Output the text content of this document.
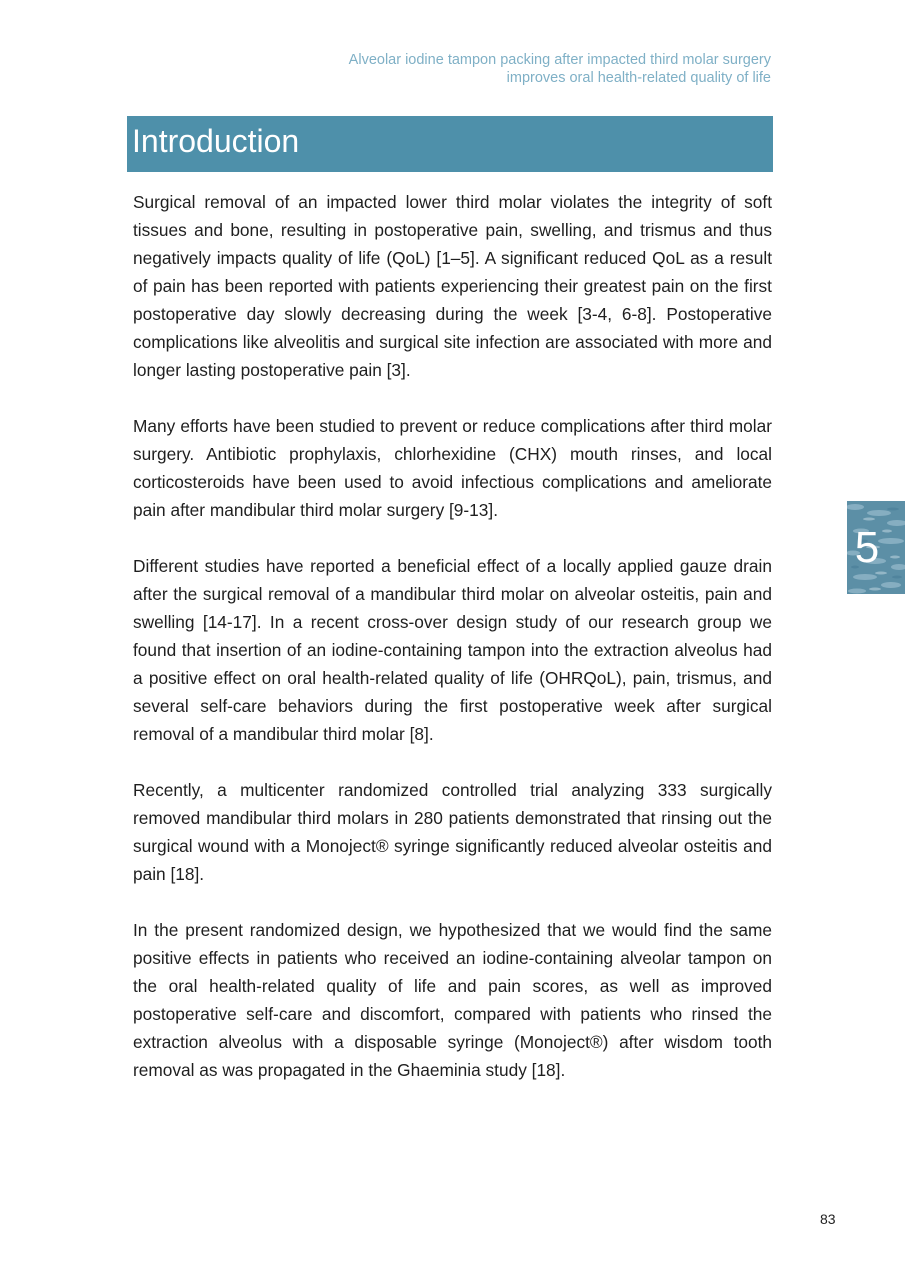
Alveolar iodine tampon packing after impacted third molar surgery
improves oral health-related quality of life
Introduction
5

Surgical removal of an impacted lower third molar violates the integrity of soft tissues and bone, resulting in postoperative pain, swelling, and trismus and thus negatively impacts quality of life (QoL) [1–5]. A significant reduced QoL as a result of pain has been reported with patients experiencing their greatest pain on the first postoperative day slowly decreasing during the week [3-4, 6-8]. Postoperative complications like alveolitis and surgical site infection are associated with more and longer lasting postoperative pain [3].

Many efforts have been studied to prevent or reduce complications after third molar surgery. Antibiotic prophylaxis, chlorhexidine (CHX) mouth rinses, and local corticosteroids have been used to avoid infectious complications and ameliorate pain after mandibular third molar surgery [9-13].

Different studies have reported a beneficial effect of a locally applied gauze drain after the surgical removal of a mandibular third molar on alveolar osteitis, pain and swelling [14-17]. In a recent cross-over design study of our research group we found that insertion of an iodine-containing tampon into the extraction alveolus had a positive effect on oral health-related quality of life (OHRQoL), pain, trismus, and several self-care behaviors during the first postoperative week after surgical removal of a mandibular third molar [8].

Recently, a multicenter randomized controlled trial analyzing 333 surgically removed mandibular third molars in 280 patients demonstrated that rinsing out the surgical wound with a Monoject® syringe significantly reduced alveolar osteitis and pain [18].

In the present randomized design, we hypothesized that we would find the same positive effects in patients who received an iodine-containing alveolar tampon on the oral health-related quality of life and pain scores, as well as improved postoperative self-care and discomfort, compared with patients who rinsed the extraction alveolus with a disposable syringe (Monoject®) after wisdom tooth removal as was propagated in the Ghaeminia study [18].

83
